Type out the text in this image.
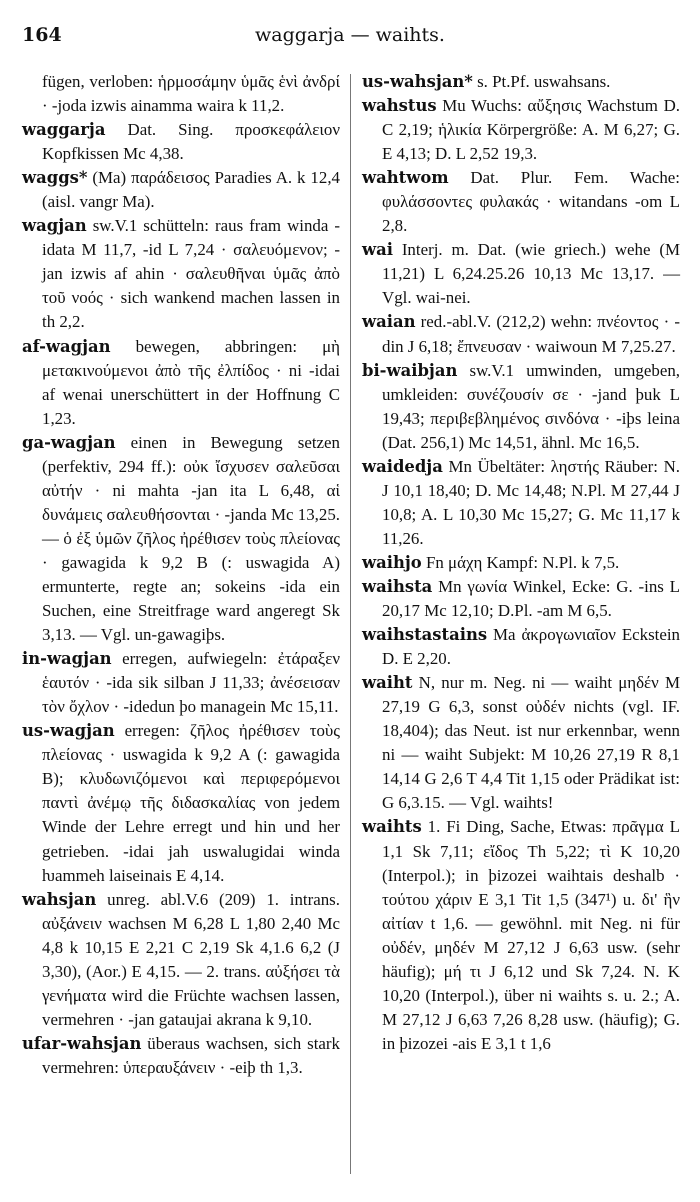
164	waggarja — waihts.

fügen, verloben: ἡρμοσάμην ὑμᾶς ἑνὶ ἀνδρί · -joda izwis ainamma waira k 11,2.

waggarja Dat. Sing. προσκεφάλειον Kopfkissen Mc 4,38.

waggs* (Ma) παράδεισος Paradies A. k 12,4 (aisl. vangr Ma).

wagjan sw.V.1 schütteln: raus fram winda -idata M 11,7, -id L 7,24 · σαλευόμενον; -jan izwis af ahin · σαλευθῆναι ὑμᾶς ἀπὸ τοῦ νοός · sich wankend machen lassen in th 2,2.

af-wagjan bewegen, abbringen: μὴ μετακινούμενοι ἀπὸ τῆς ἐλπίδος · ni -idai af wenai unerschüttert in der Hoffnung C 1,23.

ga-wagjan einen in Bewegung setzen (perfektiv, 294 ff.): οὐκ ἴσχυσεν σαλεῦσαι αὐτήν · ni mahta -jan ita L 6,48, αἱ δυνάμεις σαλευθήσονται · -janda Mc 13,25. — ὁ ἐξ ὑμῶν ζῆλος ἠρέθισεν τοὺς πλείονας · gawagida k 9,2 B (: uswagida A) ermunterte, regte an; sokeins -ida ein Suchen, eine Streitfrage ward angeregt Sk 3,13. — Vgl. un-gawagiþs.

in-wagjan erregen, aufwiegeln: ἐτάραξεν ἑαυτόν · -ida sik silban J 11,33; ἀνέσεισαν τὸν ὄχλον · -idedun þo managein Mc 15,11.

us-wagjan erregen: ζῆλος ἠρέθισεν τοὺς πλείονας · uswagida k 9,2 A (: gawagida B); κλυδωνιζόμενοι καὶ περιφερόμενοι παντὶ ἀνέμῳ τῆς διδασκαλίας von jedem Winde der Lehre erregt und hin und her getrieben. -idai jah uswalugidai winda ƕammeh laiseinais E 4,14.

wahsjan unreg. abl.V.6 (209) 1. intrans. αὐξάνειν wachsen M 6,28 L 1,80 2,40 Mc 4,8 k 10,15 E 2,21 C 2,19 Sk 4,1.6 6,2 (J 3,30), (Aor.) E 4,15. — 2. trans. αὐξήσει τὰ γενήματα wird die Früchte wachsen lassen, vermehren · -jan gataujai akrana k 9,10.

ufar-wahsjan überaus wachsen, sich stark vermehren: ὑπεραυξάνειν · -eiþ th 1,3.

us-wahsjan* s. Pt.Pf. uswahsans.

wahstus Mu Wuchs: αὔξησις Wachstum D. C 2,19; ἡλικία Körpergröße: A. M 6,27; G. E 4,13; D. L 2,52 19,3.

wahtwom Dat. Plur. Fem. Wache: φυλάσσοντες φυλακάς · witandans -om L 2,8.

wai Interj. m. Dat. (wie griech.) wehe (M 11,21) L 6,24.25.26 10,13 Mc 13,17. — Vgl. wai-nei.

waian red.-abl.V. (212,2) wehn: πνέοντος · -din J 6,18; ἔπνευσαν · waiwoun M 7,25.27.

bi-waibjan sw.V.1 umwinden, umgeben, umkleiden: συνέζουσίν σε · -jand þuk L 19,43; περιβεβλημένος σινδόνα · -iþs leina (Dat. 256,1) Mc 14,51, ähnl. Mc 16,5.

waidedja Mn Übeltäter: ληστής Räuber: N. J 10,1 18,40; D. Mc 14,48; N.Pl. M 27,44 J 10,8; A. L 10,30 Mc 15,27; G. Mc 11,17 k 11,26.

waihjo Fn μάχη Kampf: N.Pl. k 7,5.

waihsta Mn γωνία Winkel, Ecke: G. -ins L 20,17 Mc 12,10; D.Pl. -am M 6,5.

waihstastains Ma ἀκρογωνιαῖον Eckstein D. E 2,20.

waiht N, nur m. Neg. ni — waiht μηδέν M 27,19 G 6,3, sonst οὐδέν nichts (vgl. IF. 18,404); das Neut. ist nur erkennbar, wenn ni — waiht Subjekt: M 10,26 27,19 R 8,1 14,14 G 2,6 T 4,4 Tit 1,15 oder Prädikat ist: G 6,3.15. — Vgl. waihts!

waihts 1. Fi Ding, Sache, Etwas: πρᾶγμα L 1,1 Sk 7,11; εἴδος Th 5,22; τὶ K 10,20 (Interpol.); in þizozei waihtais deshalb · τούτου χάριν E 3,1 Tit 1,5 (347¹) u. δι' ἣν αἰτίαν t 1,6. — gewöhnl. mit Neg. ni für οὐδέν, μηδέν M 27,12 J 6,63 usw. (sehr häufig); μή τι J 6,12 und Sk 7,24. N. K 10,20 (Interpol.), über ni waihts s. u. 2.; A. M 27,12 J 6,63 7,26 8,28 usw. (häufig); G. in þizozei -ais E 3,1 t 1,6
